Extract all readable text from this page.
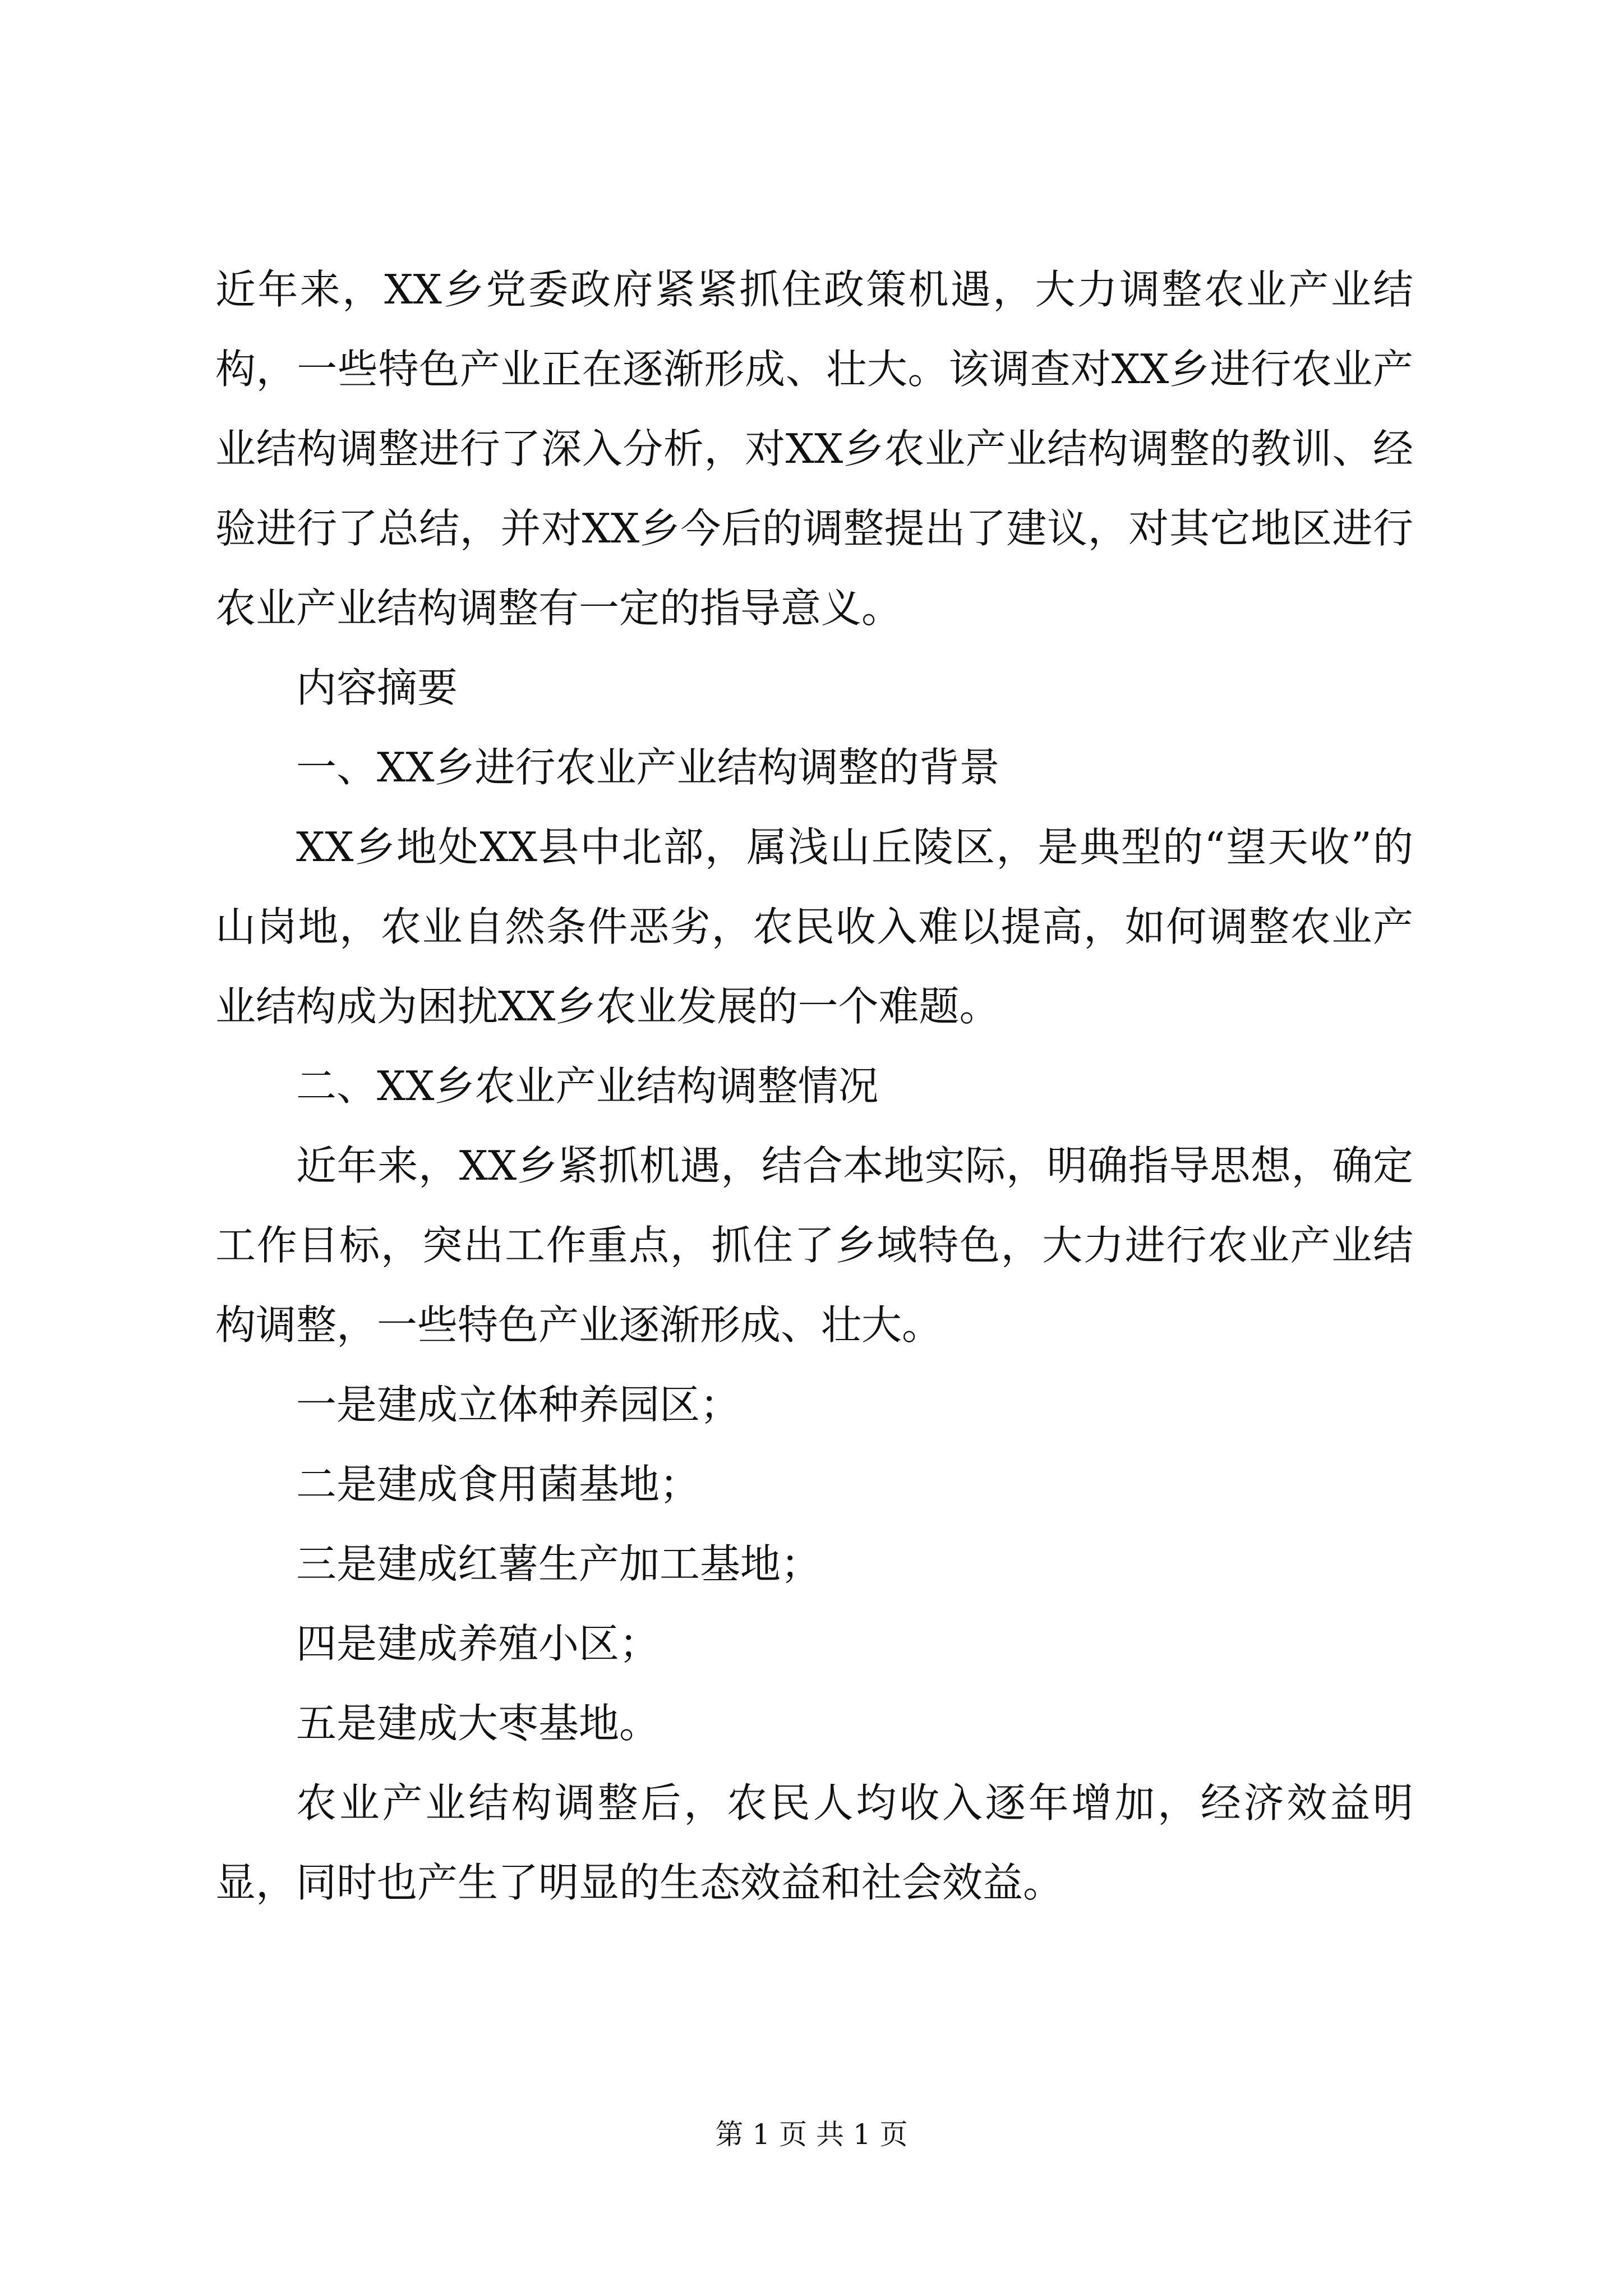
近年来，XX乡党委政府紧紧抓住政策机遇，大力调整农业产业结构，一些特色产业正在逐渐形成、壮大。该调查对XX乡进行农业产业结构调整进行了深入分析，对XX乡农业产业结构调整的教训、经验进行了总结，并对XX乡今后的调整提出了建议，对其它地区进行农业产业结构调整有一定的指导意义。

内容摘要

一、XX乡进行农业产业结构调整的背景

XX乡地处XX县中北部，属浅山丘陵区，是典型的“望天收”的山岗地，农业自然条件恶劣，农民收入难以提高，如何调整农业产业结构成为困扰XX乡农业发展的一个难题。

二、XX乡农业产业结构调整情况

近年来，XX乡紧抓机遇，结合本地实际，明确指导思想，确定工作目标，突出工作重点，抓住了乡域特色，大力进行农业产业结构调整，一些特色产业逐渐形成、壮大。

一是建成立体种养园区；

二是建成食用菌基地；

三是建成红薯生产加工基地；

四是建成养殖小区；

五是建成大枣基地。

农业产业结构调整后，农民人均收入逐年增加，经济效益明显，同时也产生了明显的生态效益和社会效益。

第 1 页 共 1 页
